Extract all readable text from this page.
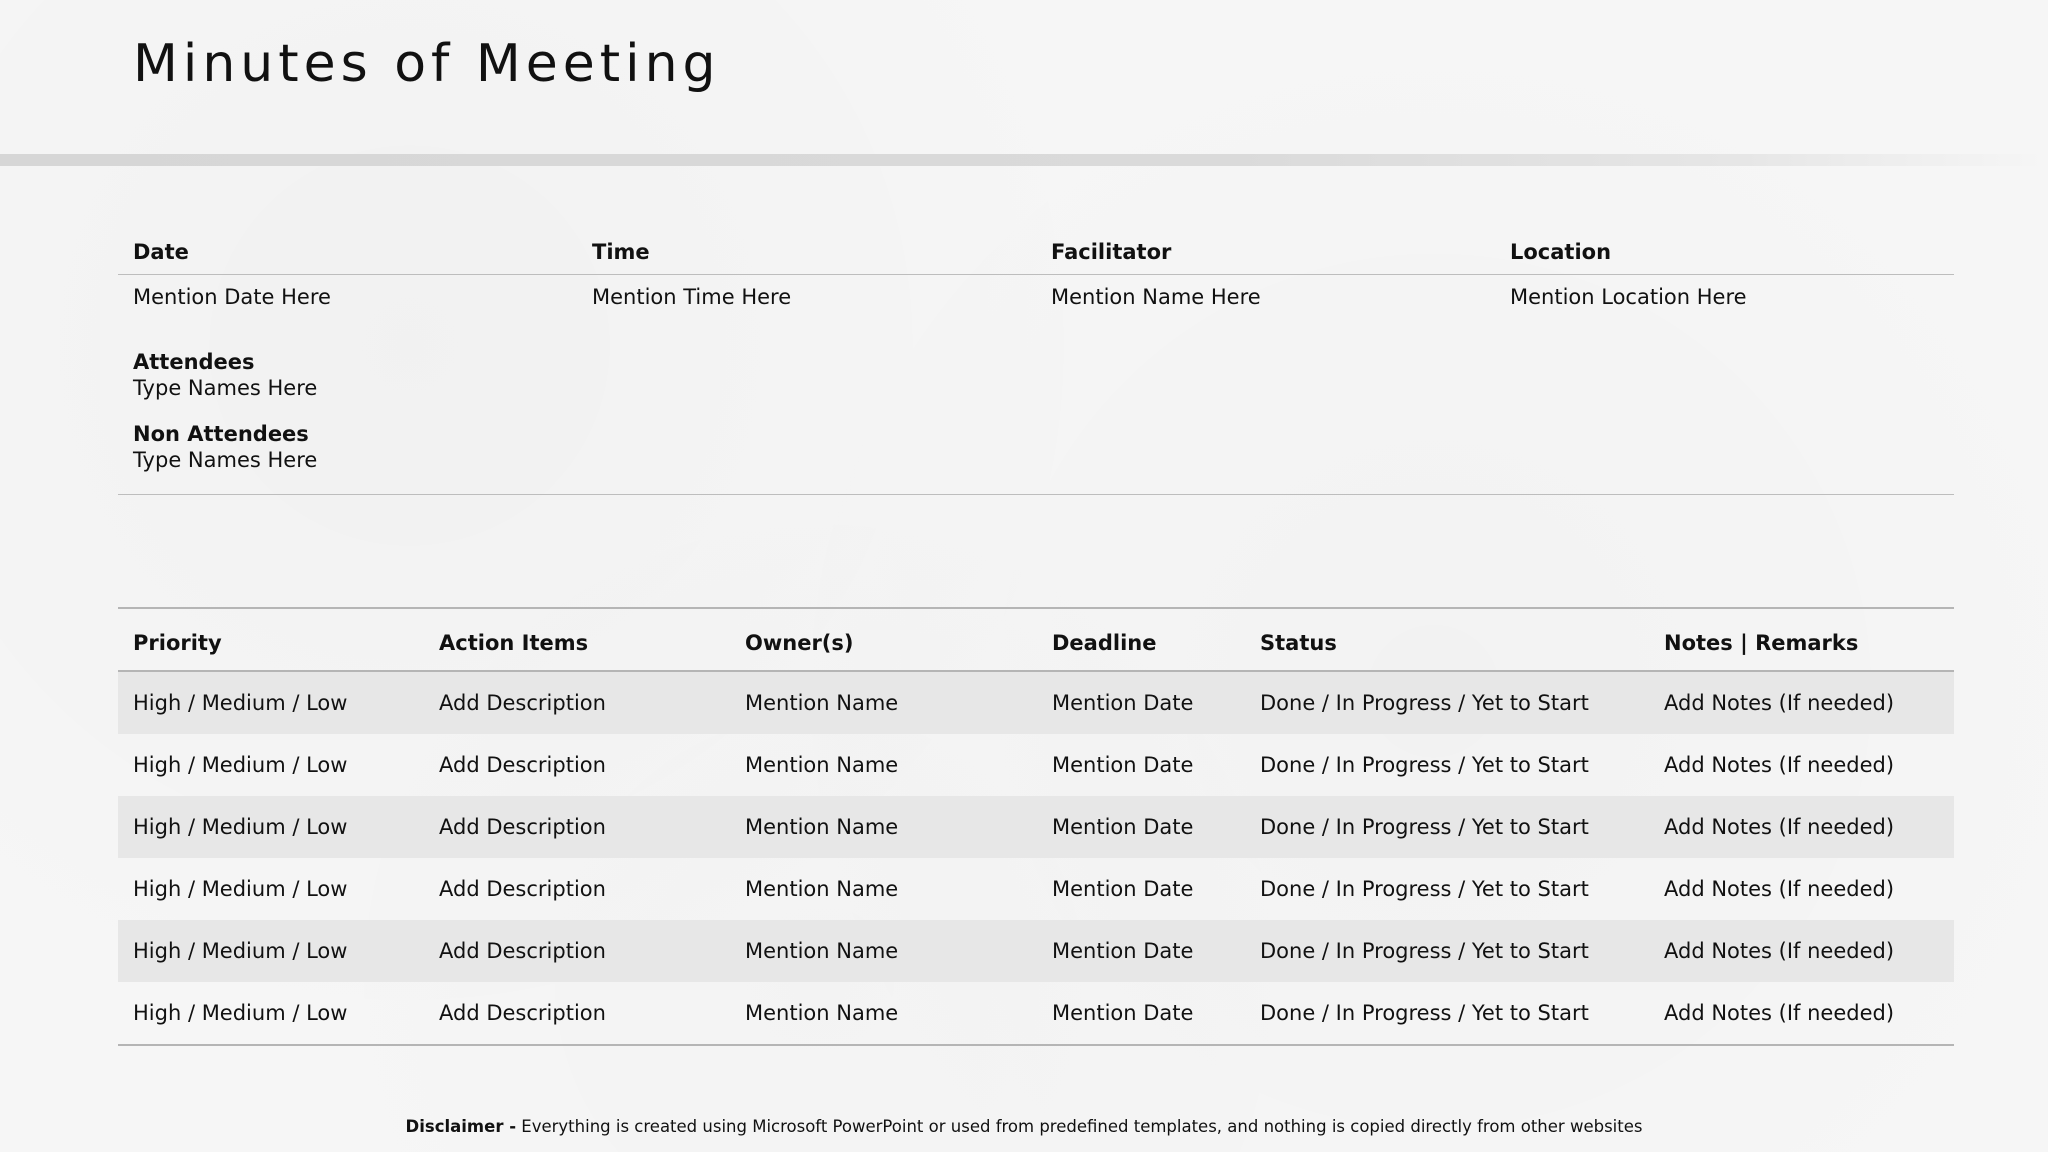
Minutes of Meeting
Date	Time	Facilitator	Location
Mention Date Here	Mention Time Here	Mention Name Here	Mention Location Here
Attendees
Type Names Here
Non Attendees
Type Names Here
Priority	Action Items	Owner(s)	Deadline	Status	Notes | Remarks
High / Medium / Low	Add Description	Mention Name	Mention Date	Done / In Progress / Yet to Start	Add Notes (If needed)
High / Medium / Low	Add Description	Mention Name	Mention Date	Done / In Progress / Yet to Start	Add Notes (If needed)
High / Medium / Low	Add Description	Mention Name	Mention Date	Done / In Progress / Yet to Start	Add Notes (If needed)
High / Medium / Low	Add Description	Mention Name	Mention Date	Done / In Progress / Yet to Start	Add Notes (If needed)
High / Medium / Low	Add Description	Mention Name	Mention Date	Done / In Progress / Yet to Start	Add Notes (If needed)
High / Medium / Low	Add Description	Mention Name	Mention Date	Done / In Progress / Yet to Start	Add Notes (If needed)
Disclaimer - Everything is created using Microsoft PowerPoint or used from predefined templates, and nothing is copied directly from other websites
